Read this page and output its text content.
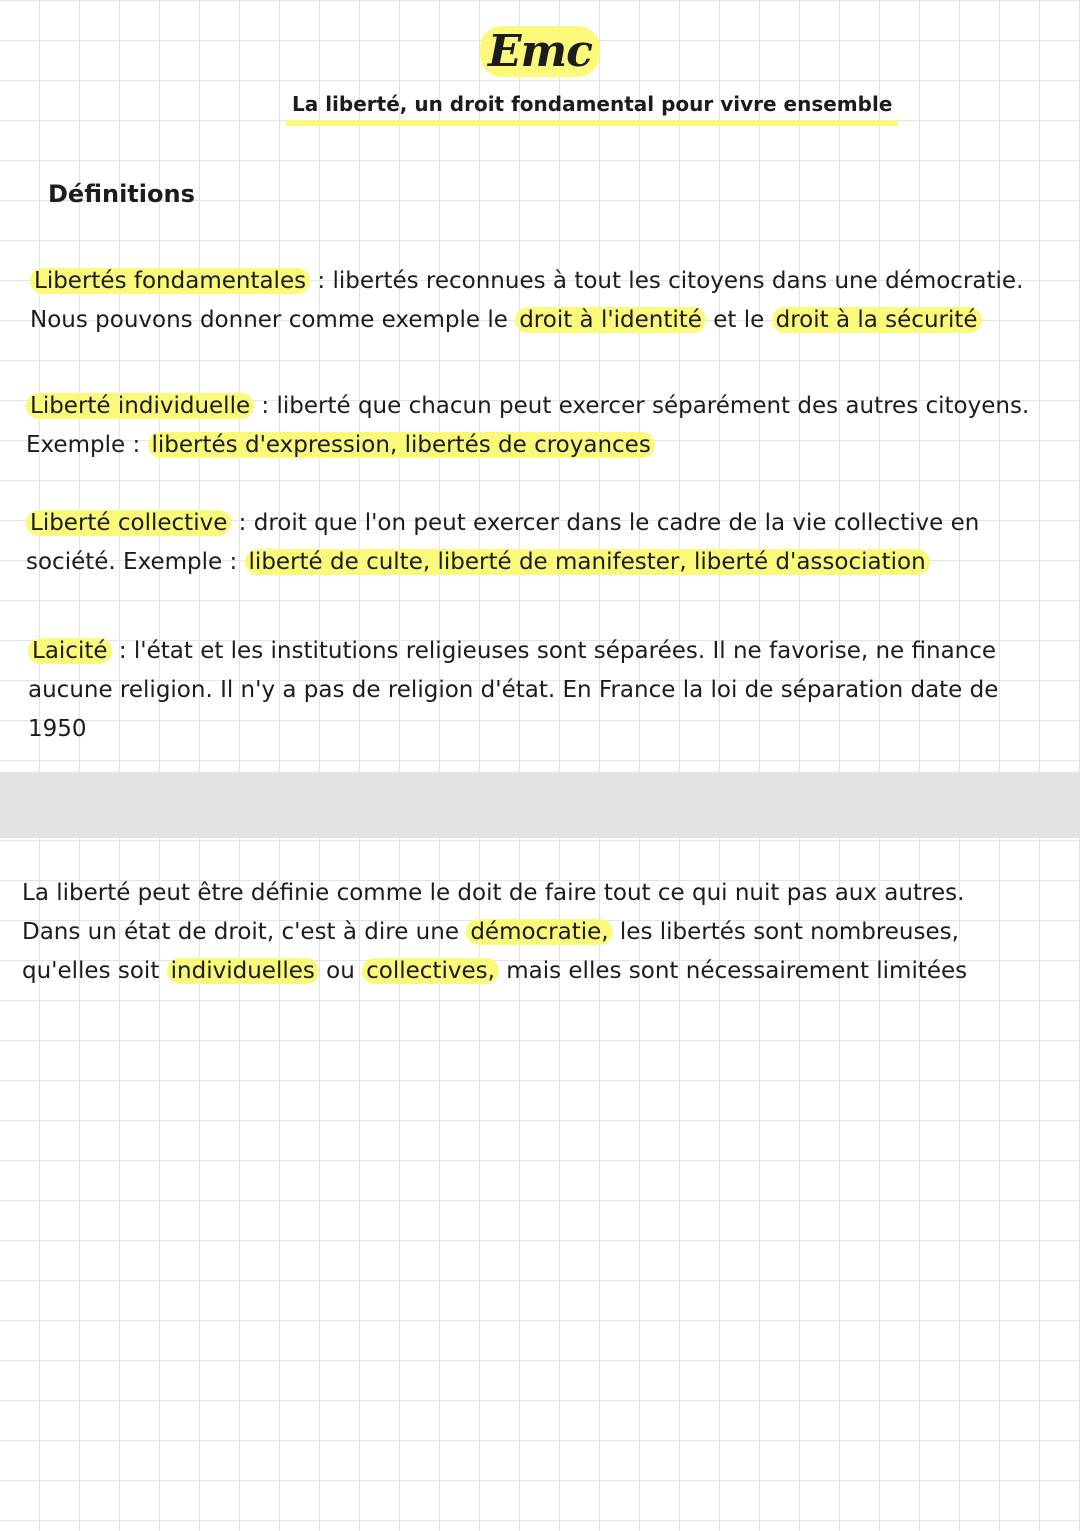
Emc
La liberté, un droit fondamental pour vivre ensemble
Définitions
Libertés fondamentales : libertés reconnues à tout les citoyens dans une démocratie.
Nous pouvons donner comme exemple le droit à l'identité et le droit à la sécurité
Liberté individuelle : liberté que chacun peut exercer séparément des autres citoyens.
Exemple : libertés d'expression, libertés de croyances
Liberté collective : droit que l'on peut exercer dans le cadre de la vie collective en
société. Exemple : liberté de culte, liberté de manifester, liberté d'association
Laicité : l'état et les institutions religieuses sont séparées. Il ne favorise, ne finance
aucune religion. Il n'y a pas de religion d'état. En France la loi de séparation date de
1950
La liberté peut être définie comme le doit de faire tout ce qui nuit pas aux autres.
Dans un état de droit, c'est à dire une démocratie, les libertés sont nombreuses,
qu'elles soit individuelles ou collectives, mais elles sont nécessairement limitées
